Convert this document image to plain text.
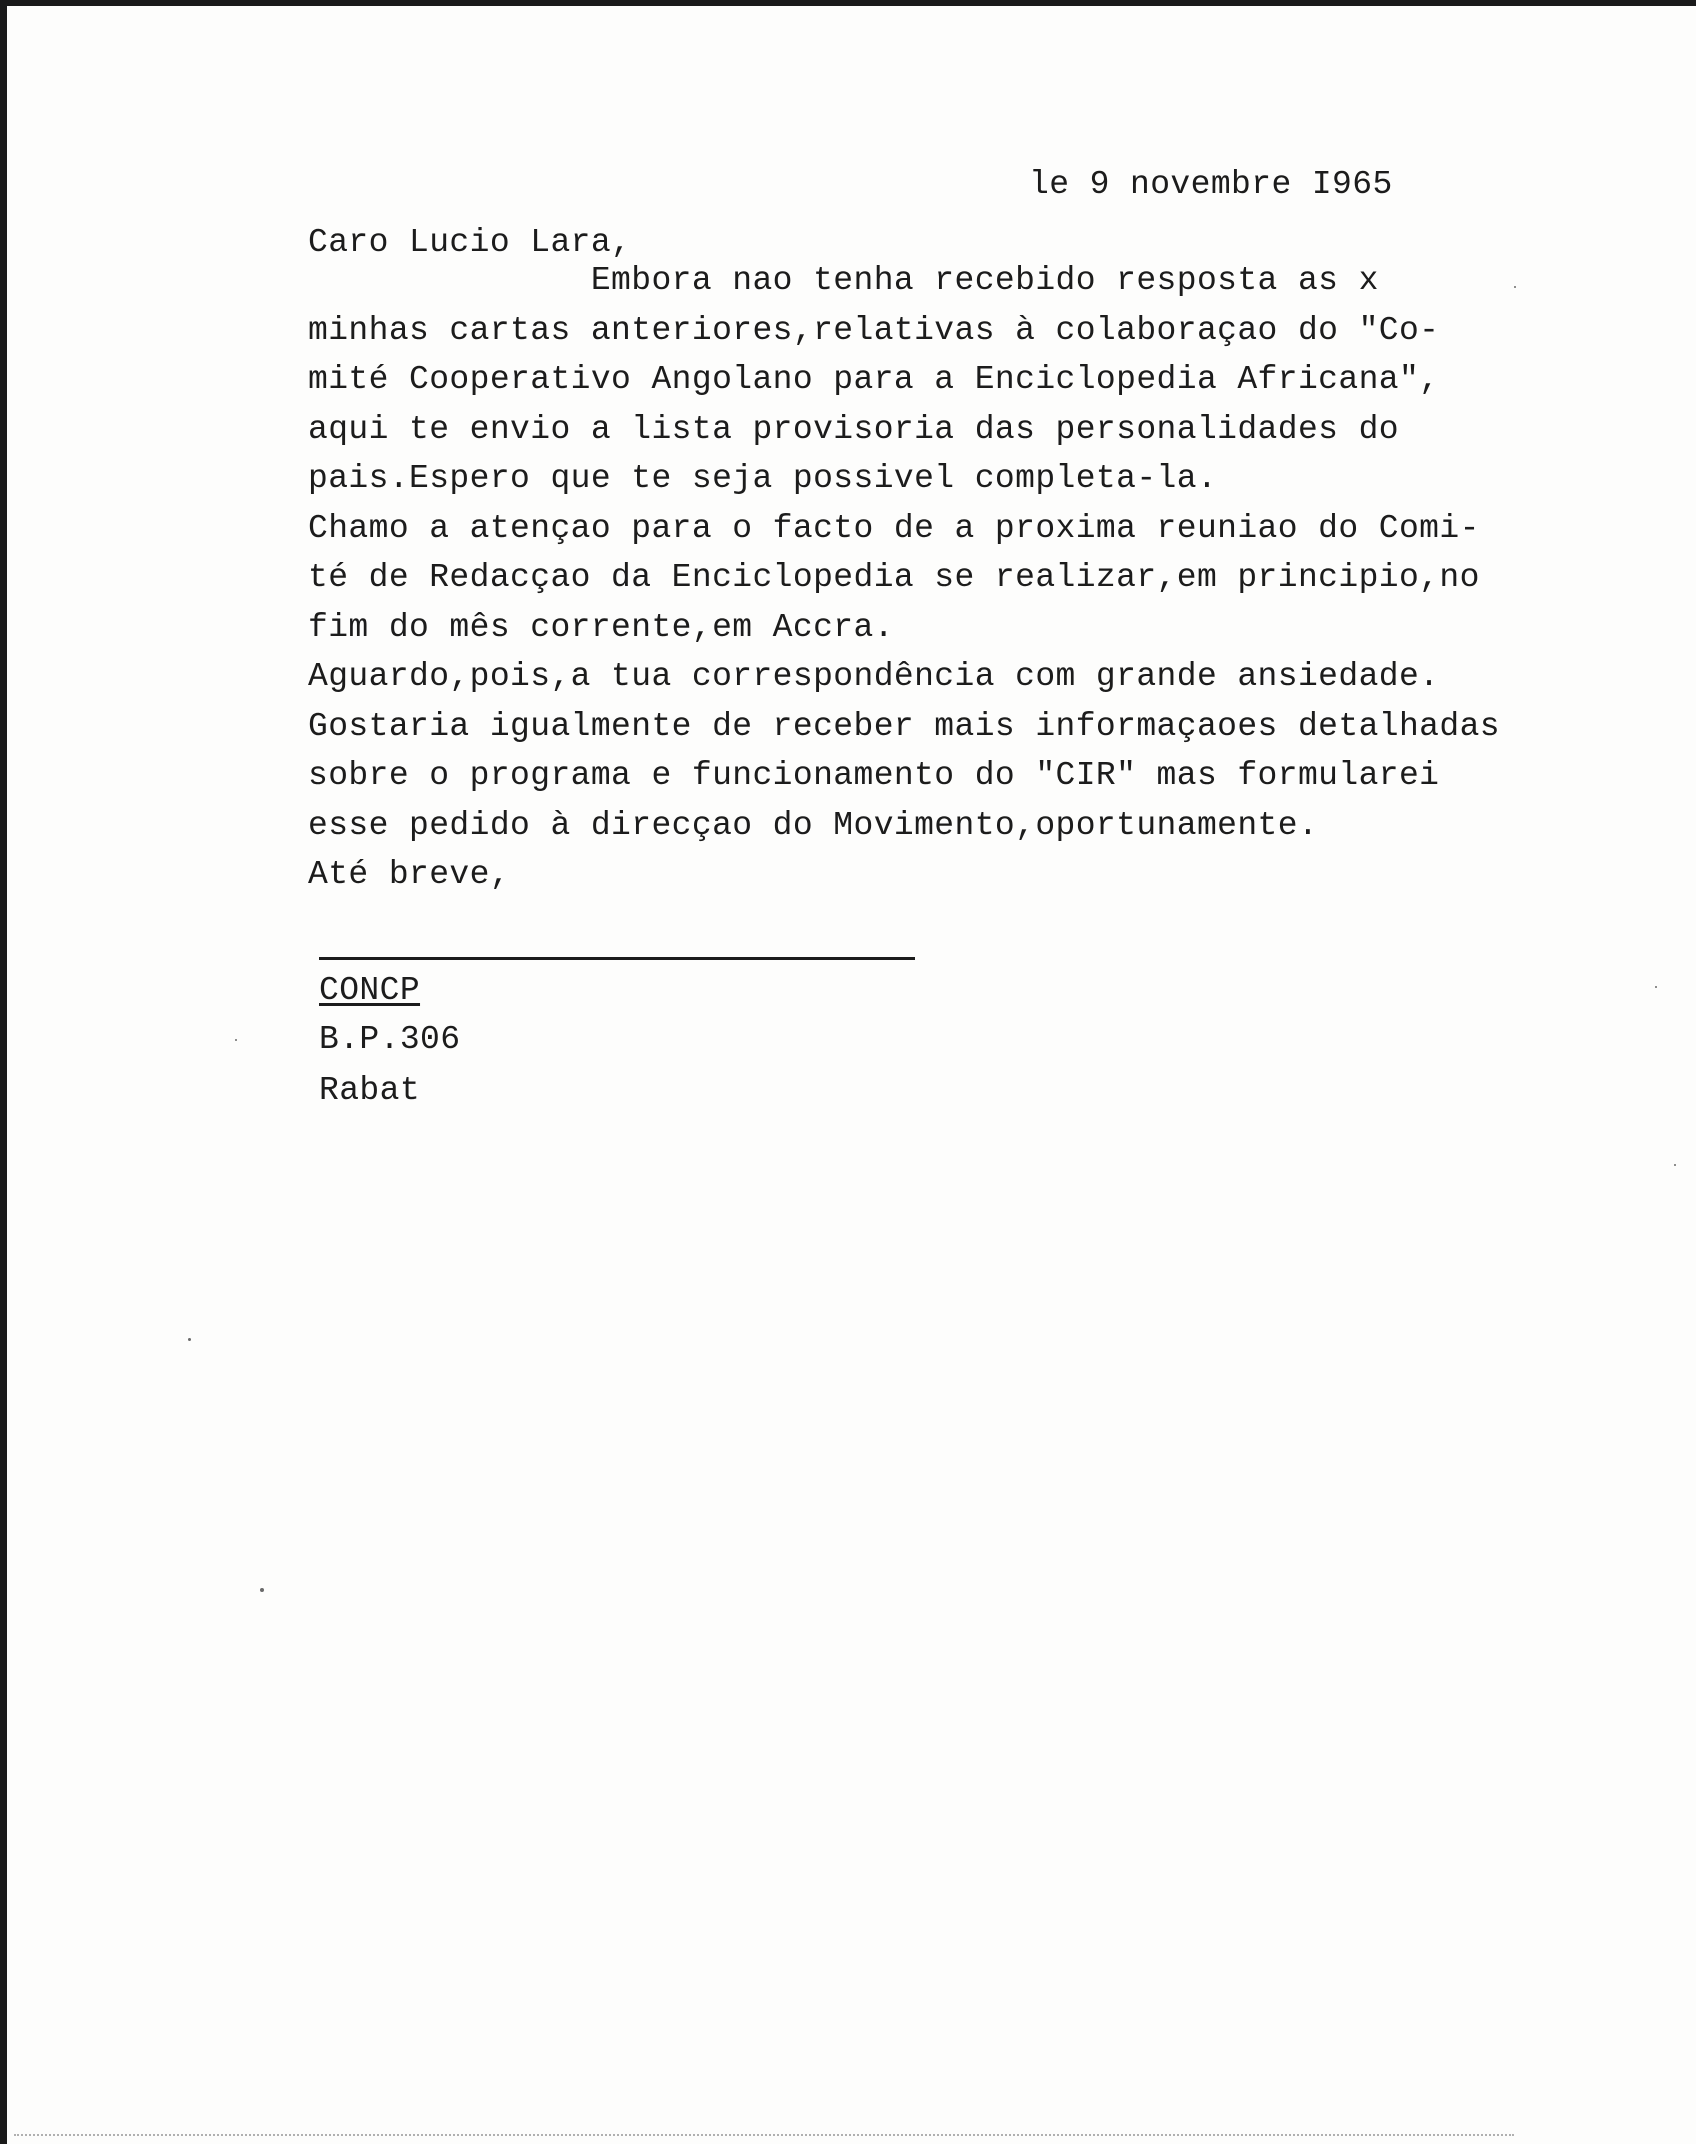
le 9 novembre I965
Caro Lucio Lara,
Embora nao tenha recebido resposta as x
minhas cartas anteriores,relativas à colaboraçao do "Co-
mité Cooperativo Angolano para a Enciclopedia Africana",
aqui te envio a lista provisoria das personalidades do
pais.Espero que te seja possivel completa-la.
Chamo a atençao para o facto de a proxima reuniao do Comi-
té de Redacçao da Enciclopedia se realizar,em principio,no
fim do mês corrente,em Accra.
Aguardo,pois,a tua correspondência com grande ansiedade.
Gostaria igualmente de receber mais informaçaoes detalhadas
sobre o programa e funcionamento do "CIR" mas formularei
esse pedido à direcçao do Movimento,oportunamente.
Até breve,
CONCP
B.P.306
Rabat
